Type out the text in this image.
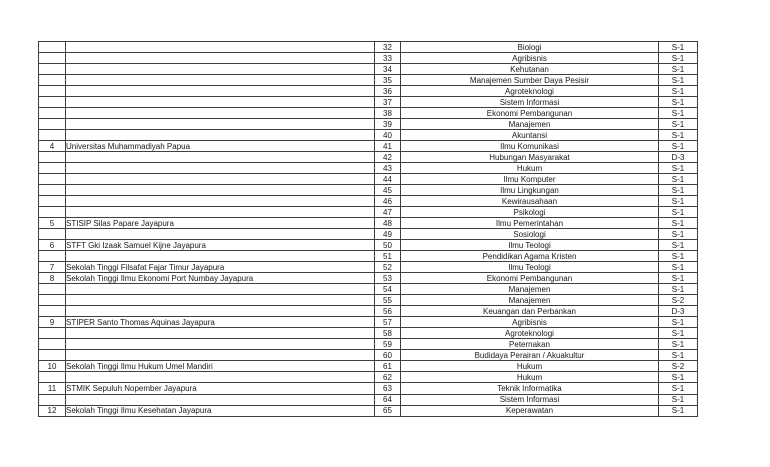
		32	Biologi	S-1
		33	Agribisnis	S-1
		34	Kehutanan	S-1
		35	Manajemen Sumber Daya Pesisir	S-1
		36	Agroteknologi	S-1
		37	Sistem Informasi	S-1
		38	Ekonomi Pembangunan	S-1
		39	Manajemen	S-1
		40	Akuntansi	S-1
4	Universitas Muhammadiyah Papua	41	Ilmu Komunikasi	S-1
		42	Hubungan Masyarakat	D-3
		43	Hukum	S-1
		44	Ilmu Komputer	S-1
		45	Ilmu Lingkungan	S-1
		46	Kewirausahaan	S-1
		47	Psikologi	S-1
5	STISIP Silas Papare Jayapura	48	Ilmu Pemerintahan	S-1
		49	Sosiologi	S-1
6	STFT Gki Izaak Samuel Kijne Jayapura	50	Ilmu Teologi	S-1
		51	Pendidikan Agama Kristen	S-1
7	Sekolah Tinggi Filsafat Fajar Timur Jayapura	52	Ilmu Teologi	S-1
8	Sekolah Tinggi Ilmu Ekonomi Port Numbay Jayapura	53	Ekonomi Pembangunan	S-1
		54	Manajemen	S-1
		55	Manajemen	S-2
		56	Keuangan dan Perbankan	D-3
9	STIPER Santo Thomas Aquinas Jayapura	57	Agribisnis	S-1
		58	Agroteknologi	S-1
		59	Peternakan	S-1
		60	Budidaya Perairan / Akuakultur	S-1
10	Sekolah Tinggi Ilmu Hukum Umel Mandiri	61	Hukum	S-2
		62	Hukum	S-1
11	STMIK Sepuluh Nopember Jayapura	63	Teknik Informatika	S-1
		64	Sistem Informasi	S-1
12	Sekolah Tinggi Ilmu Kesehatan Jayapura	65	Keperawatan	S-1
